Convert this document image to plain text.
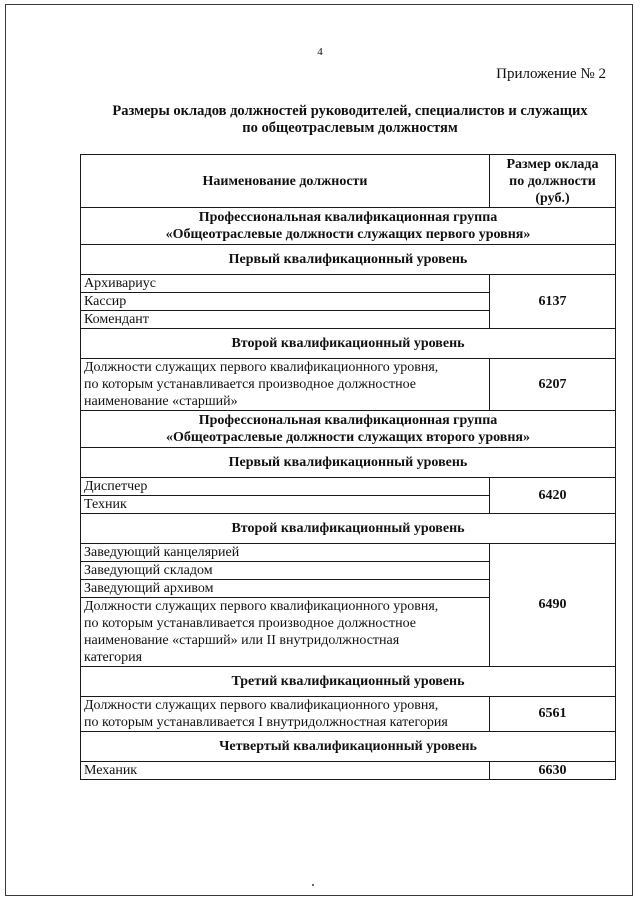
4
Приложение № 2
Размеры окладов должностей руководителей, специалистов и служащих
по общеотраслевым должностям
Наименование должности	Размер оклада
по должности
(руб.)

Профессиональная квалификационная группа
«Общеотраслевые должности служащих первого уровня»	

Первый квалификационный уровень	
Архивариус	6137
Кассир	
Комендант	
Второй квалификационный уровень	

Должности служащих первого квалификационного уровня,
по которым устанавливается производное должностное
наименование «старший»	6207

Профессиональная квалификационная группа
«Общеотраслевые должности служащих второго уровня»	

Первый квалификационный уровень	
Диспетчер	6420
Техник	
Второй квалификационный уровень	
Заведующий канцелярией	6490
Заведующий складом	
Заведующий архивом	

Должности служащих первого квалификационного уровня,
по которым устанавливается производное должностное
наименование «старший» или II внутридолжностная
категория	

Третий квалификационный уровень	

Должности служащих первого квалификационного уровня,
по которым устанавливается I внутридолжностная категория	6561
Четвертый квалификационный уровень	
Механик	6630
